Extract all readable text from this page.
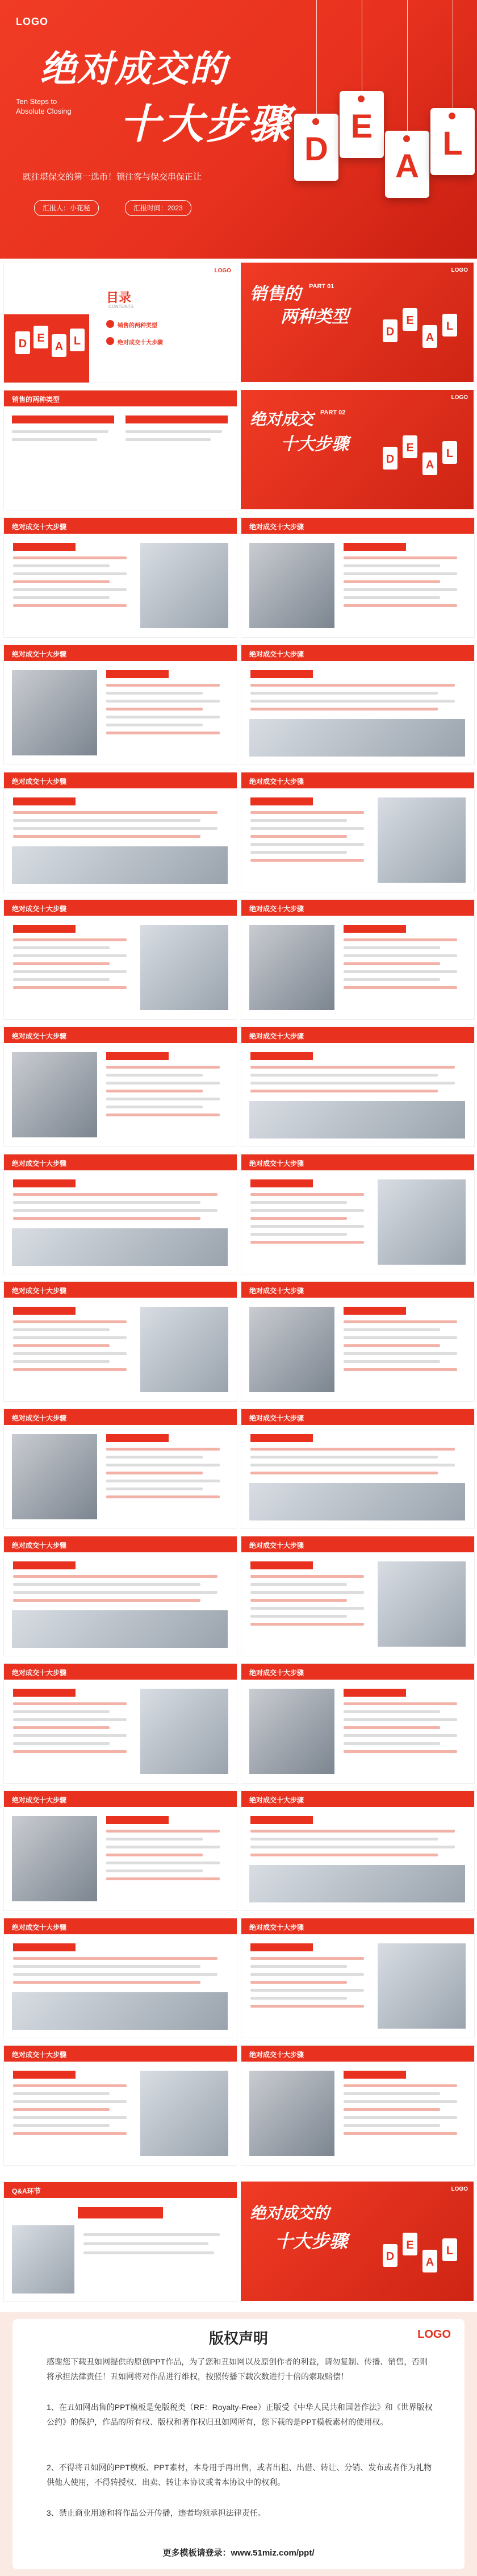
LOGO
绝对成交的
Ten Steps to Absolute Closing	十大步骤
既往堪保交的第一选币！锁往客与保交串保正让
汇报人：小花秘	汇报时间：2023
D
E
A
L
LOGO
D E
A L
目录
CONTENTS
销售的两种类型
绝对成交十大步骤
LOGO
销售的 PART 01
两种类型
D
E
A
L
销售的两种类型	LOGO
绝对成交 PART 02
十大步骤
D
E
A
L
绝对成交十大步骤	绝对成交十大步骤
绝对成交十大步骤	绝对成交十大步骤
绝对成交十大步骤	绝对成交十大步骤
绝对成交十大步骤	绝对成交十大步骤
绝对成交十大步骤	绝对成交十大步骤
绝对成交十大步骤	绝对成交十大步骤
绝对成交十大步骤	绝对成交十大步骤
绝对成交十大步骤	绝对成交十大步骤
绝对成交十大步骤	绝对成交十大步骤
绝对成交十大步骤	绝对成交十大步骤
绝对成交十大步骤	绝对成交十大步骤
绝对成交十大步骤	绝对成交十大步骤
绝对成交十大步骤	绝对成交十大步骤
Q&A环节	LOGO
绝对成交的
十大步骤
D
E
A
L
版权声明	LOGO
感谢您下载丑如网提供的原创PPT作品，为了您和丑如网以及原创作者的利益，请勿复制、传播、销售，否则将承担法律责任！丑如网将对作品进行维权，按照传播下载次数进行十倍的索取赔偿！
1、在丑如网出售的PPT模板是免版税类（RF：Royalty-Free）正版受《中华人民共和国著作法》和《世界版权公约》的保护，作品的所有权、版权和著作权归丑如网所有，您下载的是PPT模板素材的使用权。
2、不得将丑如网的PPT模板、PPT素材，本身用于再出售，或者出租、出借、转让、分销、发布或者作为礼物供他人使用，不得转授权、出卖、转让本协议或者本协议中的权利。
3、禁止商业用途和将作品公开传播，违者均须承担法律责任。
更多模板请登录：www.51miz.com/ppt/
